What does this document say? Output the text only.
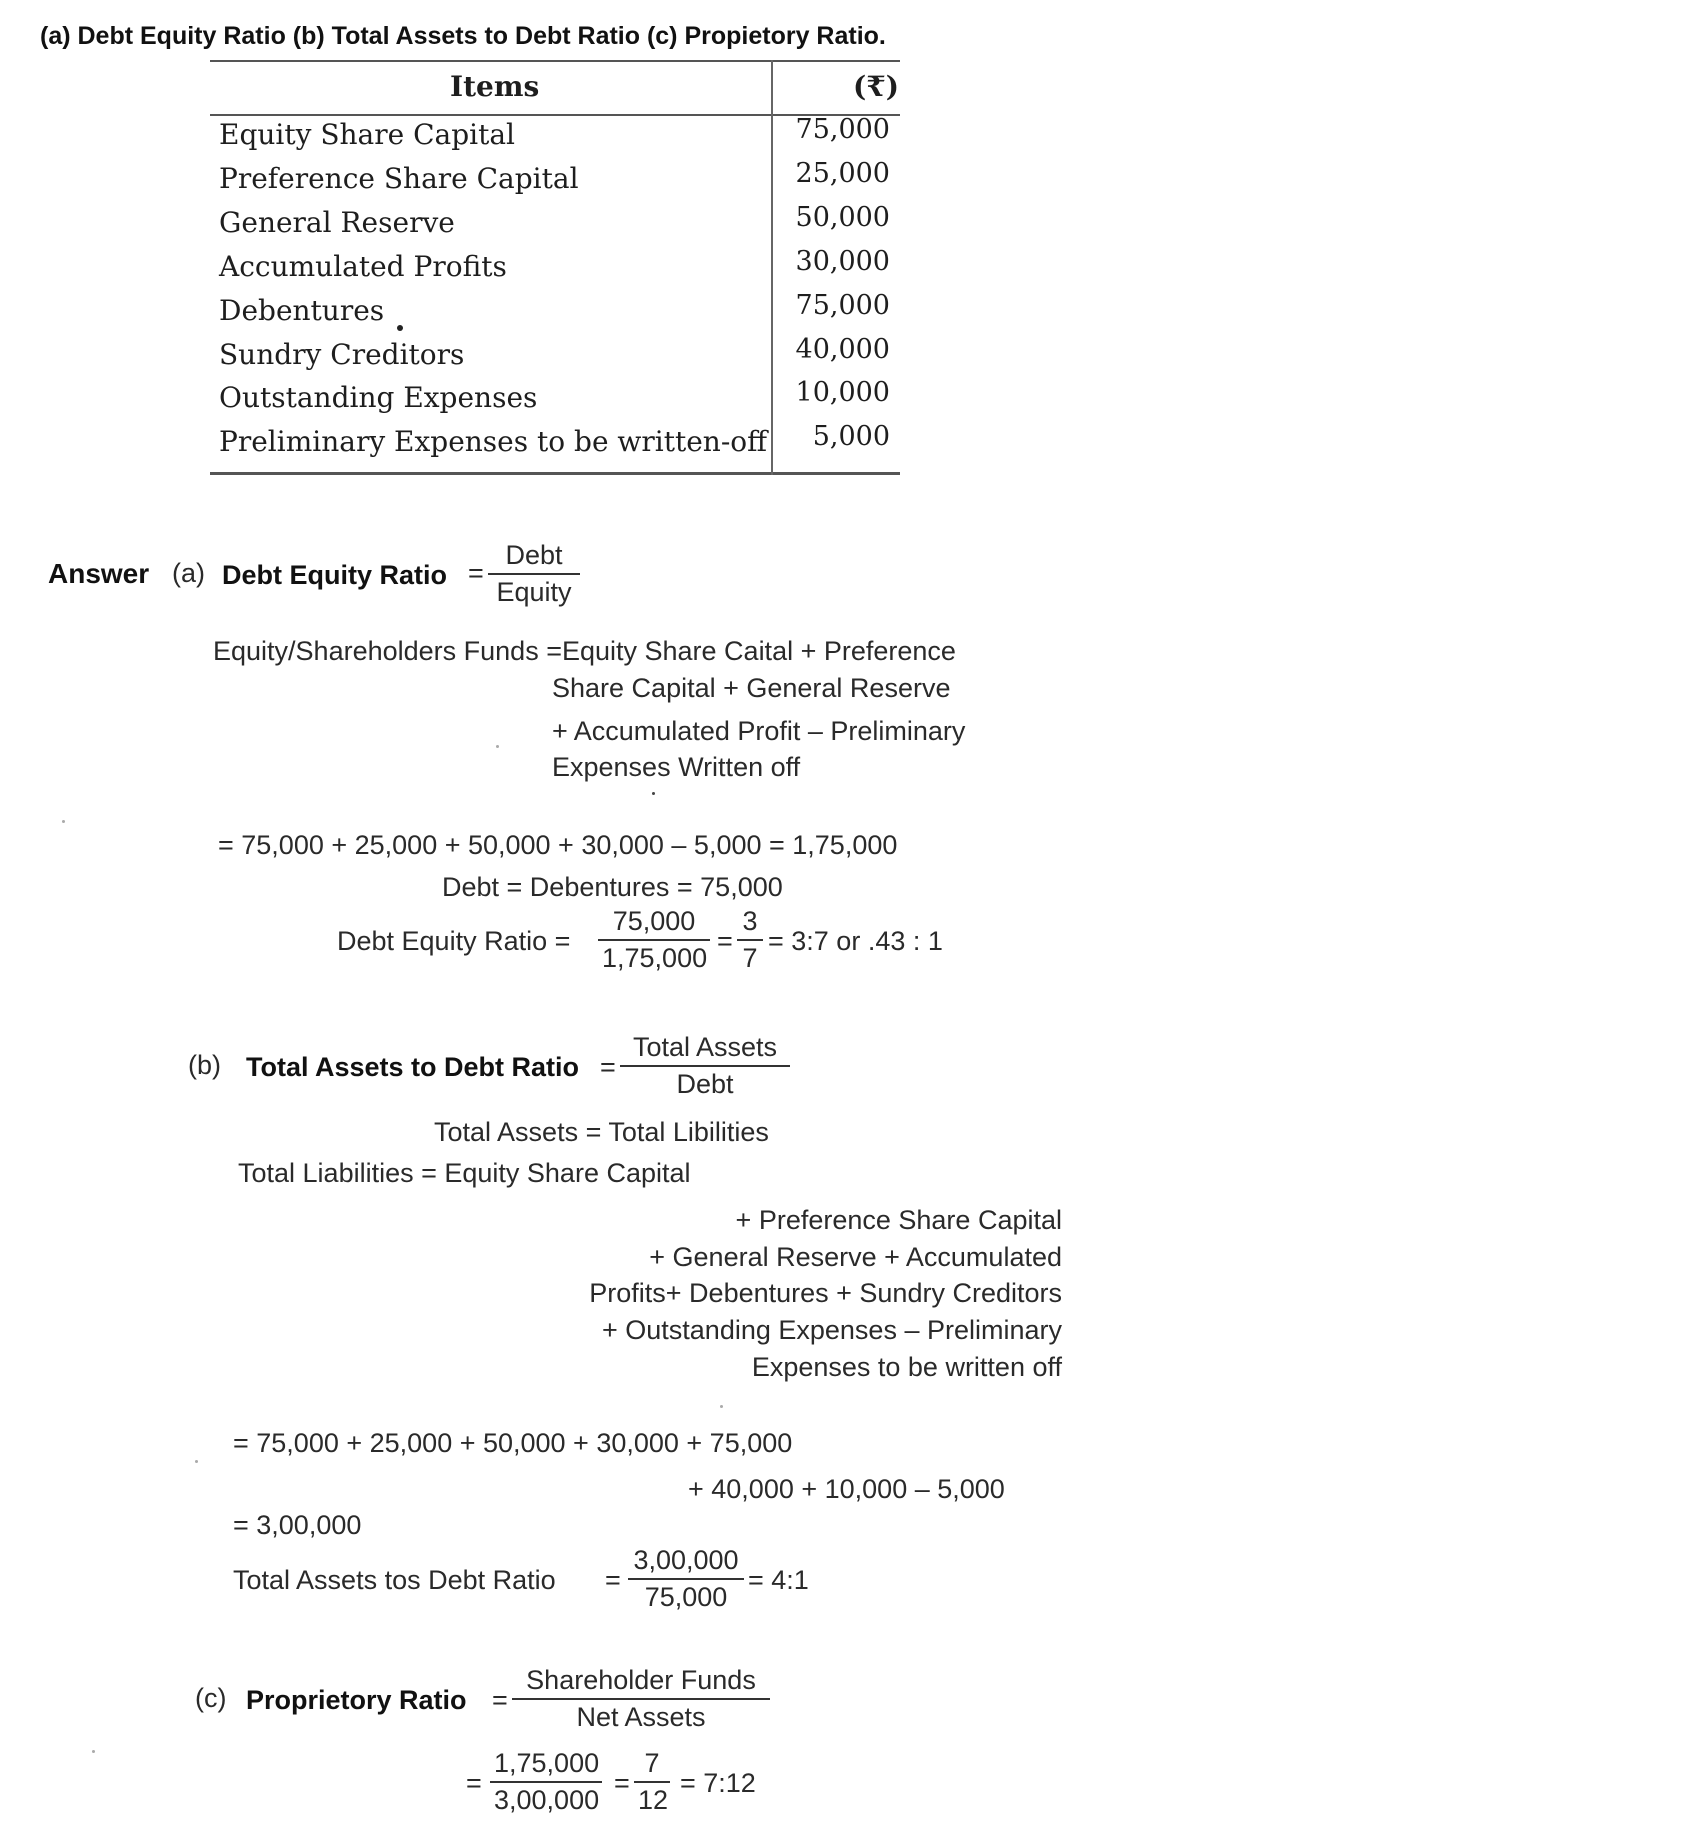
(a) Debt Equity Ratio (b) Total Assets to Debt Ratio (c) Propietory Ratio.
Items	(₹)
Equity Share Capital	75,000
Preference Share Capital	25,000
General Reserve	50,000
Accumulated Profits	30,000
Debentures	75,000
Sundry Creditors	40,000
Outstanding Expenses	10,000
Preliminary Expenses to be written-off 5,000
Answer (a) Debt Equity Ratio =
Debt
Equity
Equity/Shareholders Funds =Equity Share Caital + Preference
Share Capital + General Reserve
+ Accumulated Profit – Preliminary
Expenses Written off
= 75,000 + 25,000 + 50,000 + 30,000 – 5,000 = 1,75,000
Debt = Debentures = 75,000
Debt Equity Ratio = $\frac{75,000}{1,75,000} = \frac{3}{7}$ = 3:7 or .43 : 1
(b) Total Assets to Debt Ratio =
Total Assets
Debt
Total Assets = Total Libilities
Total Liabilities = Equity Share Capital
+ Preference Share Capital
+ General Reserve + Accumulated
Profits+ Debentures + Sundry Creditors
+ Outstanding Expenses – Preliminary
Expenses to be written off
= 75,000 + 25,000 + 50,000 + 30,000 + 75,000
+ 40,000 + 10,000 – 5,000
= 3,00,000
Total Assets tos Debt Ratio = $\frac{3,00,000}{75,000}$ = 4:1
(c) Proprietory Ratio =
Shareholder Funds
Net Assets
= $\frac{1,75,000}{3,00,000} = \frac{7}{12}$ = 7:12
